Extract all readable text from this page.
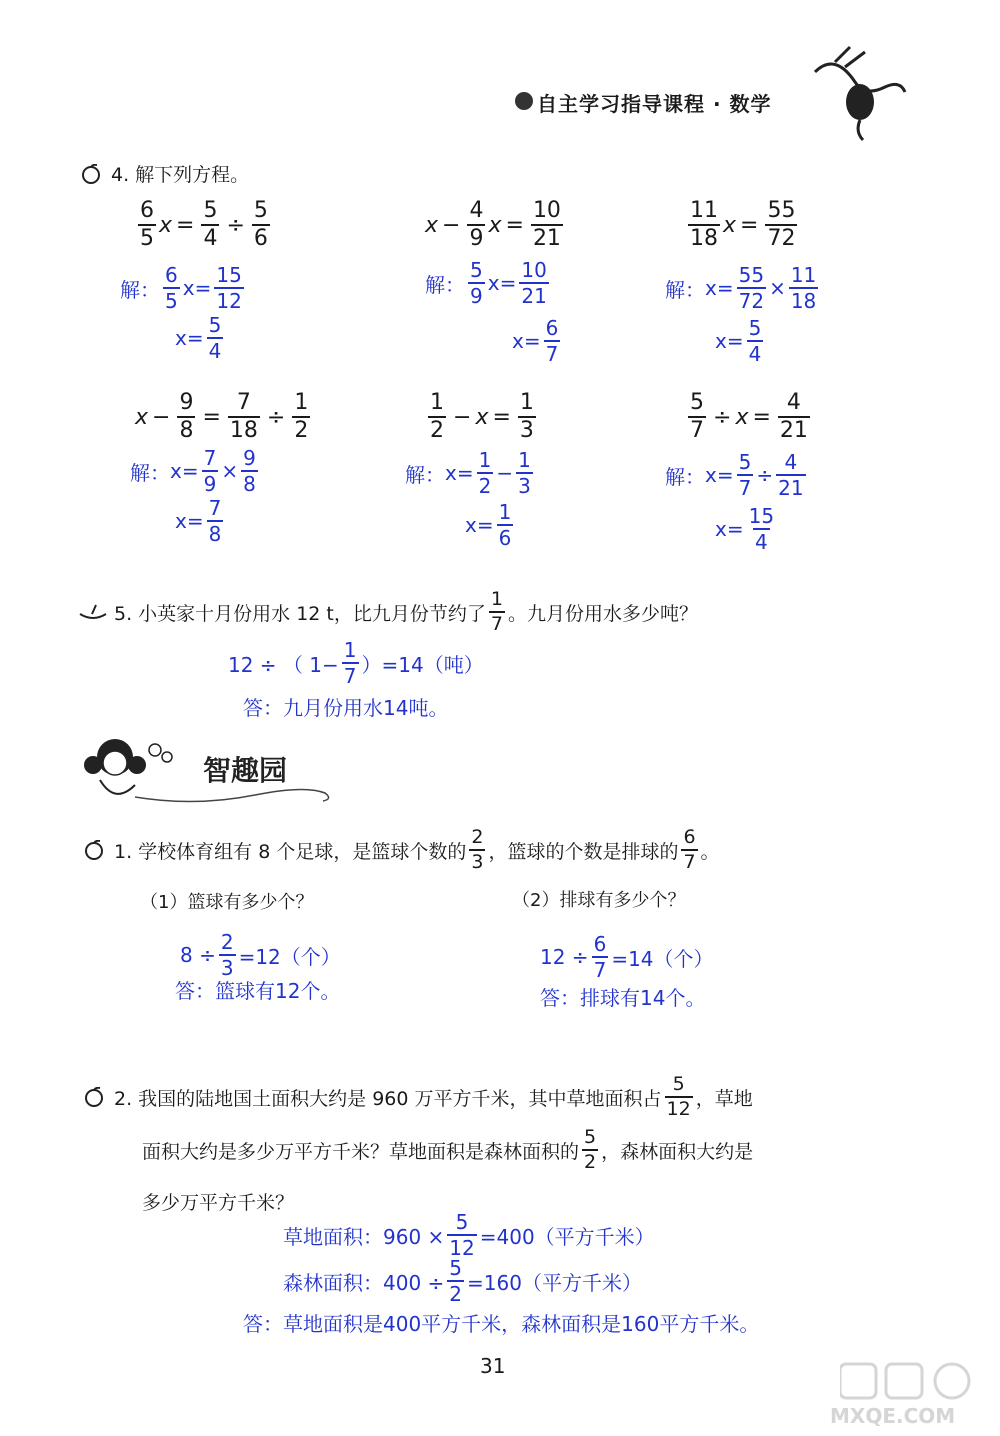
自主学习指导课程 · 数学
4. 解下列方程。
$\frac{6}{5}$ $x = \frac{5}{4} \div \frac{5}{6}$
解： $\frac{6}{5}$ $x = \frac{15}{12}$
$x = \frac{5}{4}$
$x - \frac{4}{9}$ $x = \frac{10}{21}$
解： $\frac{5}{9}$ $x = \frac{10}{21}$
$x = \frac{6}{7}$
$\frac{11}{18}$ $x = \frac{55}{72}$
解： $x = \frac{55}{72} \times \frac{11}{18}$
$x = \frac{5}{4}$
$x - \frac{9}{8} = \frac{7}{18} \div \frac{1}{2}$
解： $x = \frac{7}{9} \times \frac{9}{8}$
$x = \frac{7}{8}$
$\frac{1}{2} - x = \frac{1}{3}$
解： $x = \frac{1}{2} - \frac{1}{3}$
$x = \frac{1}{6}$
$\frac{5}{7} \div x = \frac{4}{21}$
解： $x = \frac{5}{7} \div \frac{4}{21}$
$x = \frac{15}{4}$
5. 小英家十月份用水 12 t，比九月份节约了 $\frac{1}{7}$ 。九月份用水多少吨？
12 ÷ （ $1- \frac{1}{7} )=14$（吨）
答：九月份用水14吨。
智趣园
1. 学校体育组有 8 个足球，是篮球个数的 $\frac{2}{3}$ ，篮球的个数是排球的 $\frac{6}{7}$ 。
（1）篮球有多少个？	（2）排球有多少个？
$8 \div \frac{2}{3} =12$（个）
答：篮球有12个。
$12 \div \frac{6}{7} =14$（个）
答：排球有14个。
2. 我国的陆地国土面积大约是 960 万平方千米，其中草地面积占 $\frac{5}{12}$ ，草地
面积大约是多少万平方千米？草地面积是森林面积的 $\frac{5}{2}$ ，森林面积大约是
多少万平方千米？
草地面积：$960 \times \frac{5}{12} =400$（平方千米）
森林面积：$400 \div \frac{5}{2} =160$（平方千米）
答：草地面积是400平方千米，森林面积是160平方千米。
31
MXQE.COM
